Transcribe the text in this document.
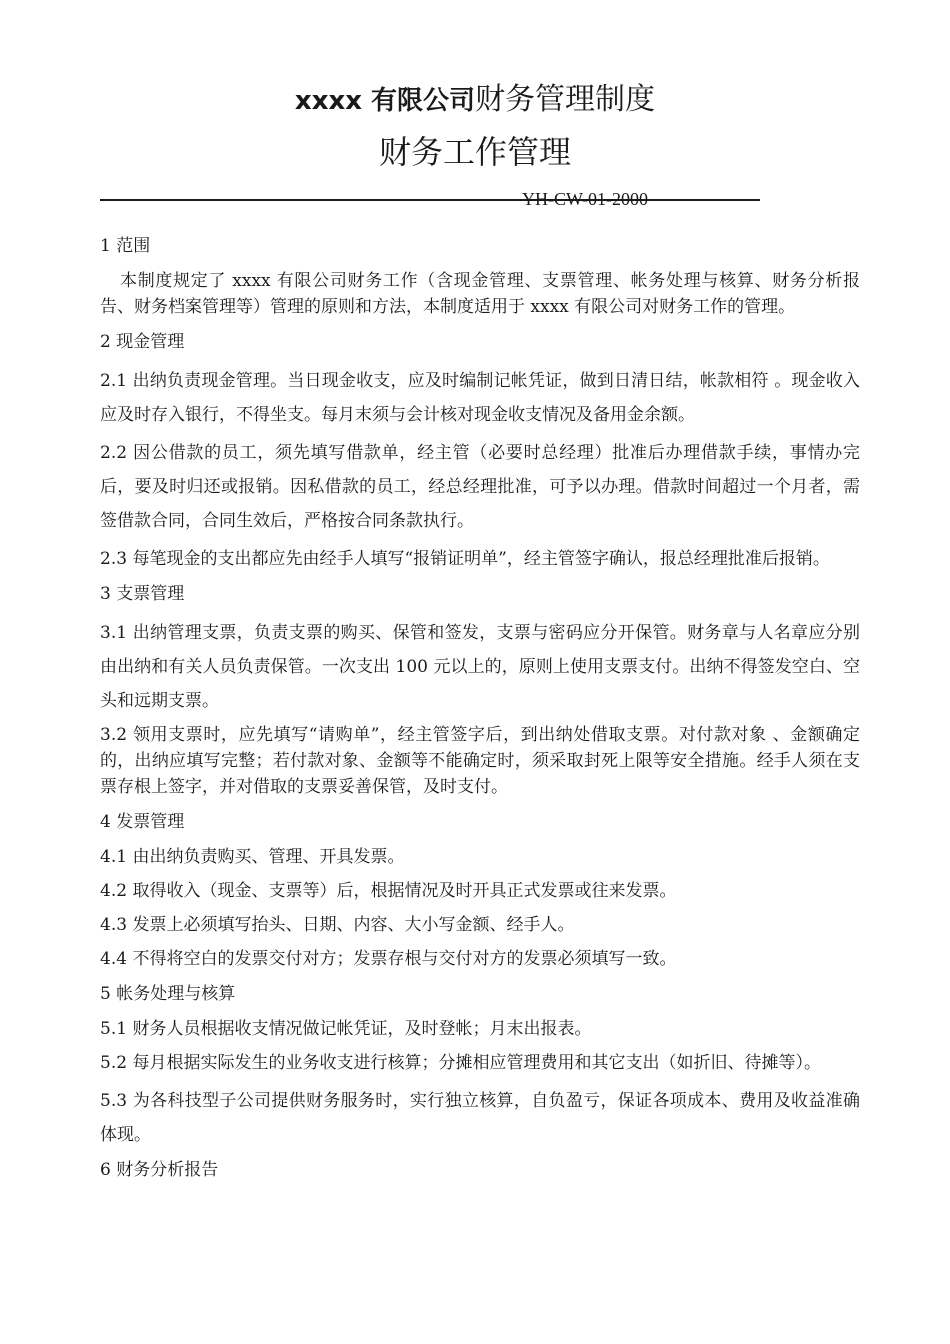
xxxx 有限公司财务管理制度
财务工作管理
YH-CW-01-2000
1 范围
本制度规定了 xxxx 有限公司财务工作（含现金管理、支票管理、帐务处理与核算、财务分析报告、财务档案管理等）管理的原则和方法，本制度适用于 xxxx 有限公司对财务工作的管理。
2 现金管理
2.1 出纳负责现金管理。当日现金收支，应及时编制记帐凭证，做到日清日结，帐款相符 。现金收入应及时存入银行，不得坐支。每月末须与会计核对现金收支情况及备用金余额。
2.2 因公借款的员工，须先填写借款单，经主管（必要时总经理）批准后办理借款手续，事情办完后，要及时归还或报销。因私借款的员工，经总经理批准，可予以办理。借款时间超过一个月者，需签借款合同，合同生效后，严格按合同条款执行。
2.3 每笔现金的支出都应先由经手人填写“报销证明单”，经主管签字确认，报总经理批准后报销。
3 支票管理
3.1 出纳管理支票，负责支票的购买、保管和签发，支票与密码应分开保管。财务章与人名章应分别由出纳和有关人员负责保管。一次支出 100 元以上的，原则上使用支票支付。出纳不得签发空白、空头和远期支票。
3.2 领用支票时，应先填写“请购单”，经主管签字后，到出纳处借取支票。对付款对象 、金额确定的，出纳应填写完整；若付款对象、金额等不能确定时，须采取封死上限等安全措施。经手人须在支票存根上签字，并对借取的支票妥善保管，及时支付。
4 发票管理
4.1 由出纳负责购买、管理、开具发票。
4.2 取得收入（现金、支票等）后，根据情况及时开具正式发票或往来发票。
4.3 发票上必须填写抬头、日期、内容、大小写金额、经手人。
4.4 不得将空白的发票交付对方；发票存根与交付对方的发票必须填写一致。
5 帐务处理与核算
5.1 财务人员根据收支情况做记帐凭证，及时登帐；月末出报表。
5.2 每月根据实际发生的业务收支进行核算；分摊相应管理费用和其它支出（如折旧、待摊等）。
5.3 为各科技型子公司提供财务服务时，实行独立核算，自负盈亏，保证各项成本、费用及收益准确体现。
6 财务分析报告
